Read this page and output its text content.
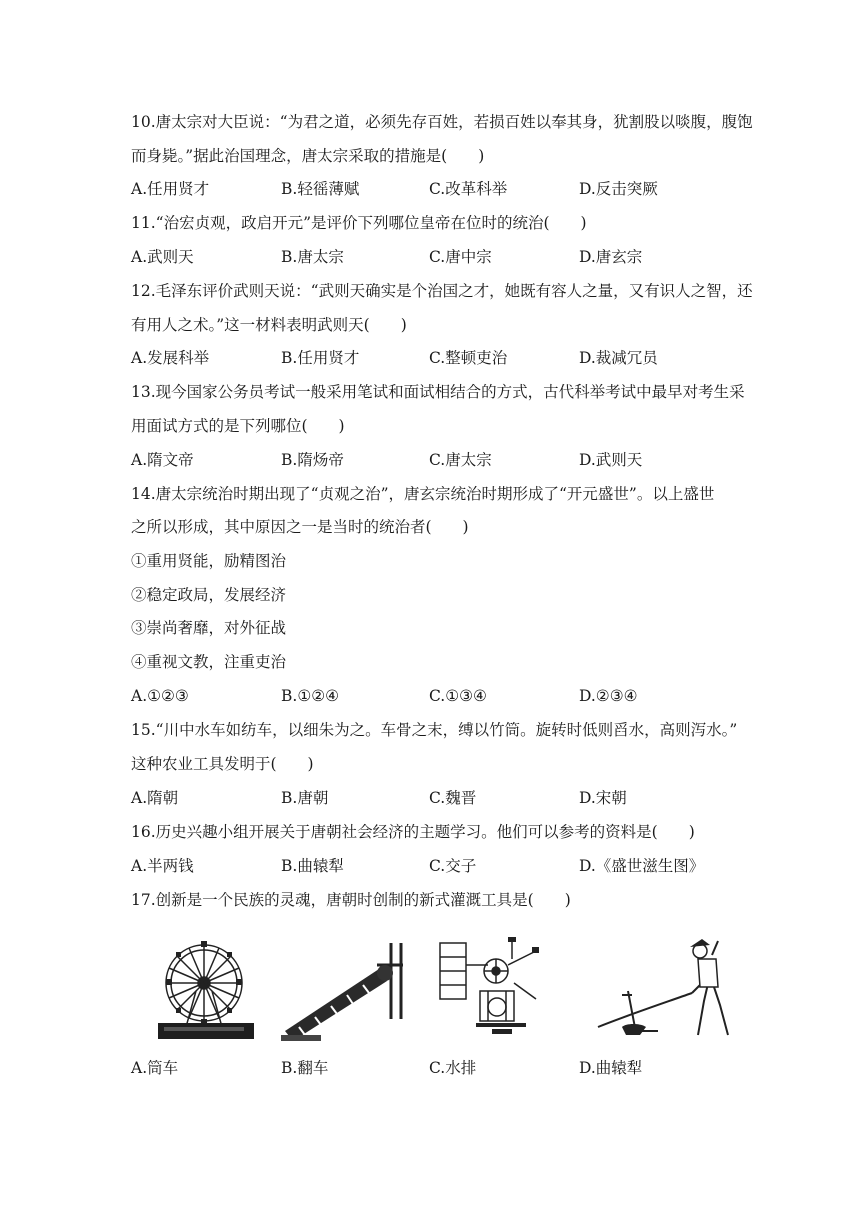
10.唐太宗对大臣说：“为君之道，必须先存百姓，若损百姓以奉其身，犹割股以啖腹，腹饱
而身毙。”据此治国理念，唐太宗采取的措施是(　　)
A.任用贤才	B.轻徭薄赋	C.改革科举	D.反击突厥
11.“治宏贞观，政启开元”是评价下列哪位皇帝在位时的统治(　　)
A.武则天	B.唐太宗	C.唐中宗	D.唐玄宗
12.毛泽东评价武则天说：“武则天确实是个治国之才，她既有容人之量，又有识人之智，还
有用人之术。”这一材料表明武则天(　　)
A.发展科举	B.任用贤才	C.整顿吏治	D.裁减冗员
13.现今国家公务员考试一般采用笔试和面试相结合的方式，古代科举考试中最早对考生采
用面试方式的是下列哪位(　　)
A.隋文帝	B.隋炀帝	C.唐太宗	D.武则天
14.唐太宗统治时期出现了“贞观之治”，唐玄宗统治时期形成了“开元盛世”。以上盛世
之所以形成，其中原因之一是当时的统治者(　　)
①重用贤能，励精图治
②稳定政局，发展经济
③崇尚奢靡，对外征战
④重视文教，注重吏治
A.①②③	B.①②④	C.①③④	D.②③④
15.“川中水车如纺车，以细朱为之。车骨之末，缚以竹筒。旋转时低则舀水，高则泻水。”
这种农业工具发明于(　　)
A.隋朝	B.唐朝	C.魏晋	D.宋朝
16.历史兴趣小组开展关于唐朝社会经济的主题学习。他们可以参考的资料是(　　)
A.半两钱	B.曲辕犁	C.交子	D.《盛世滋生图》
17.创新是一个民族的灵魂，唐朝时创制的新式灌溉工具是(　　)
A.筒车	B.翻车	C.水排	D.曲辕犁
